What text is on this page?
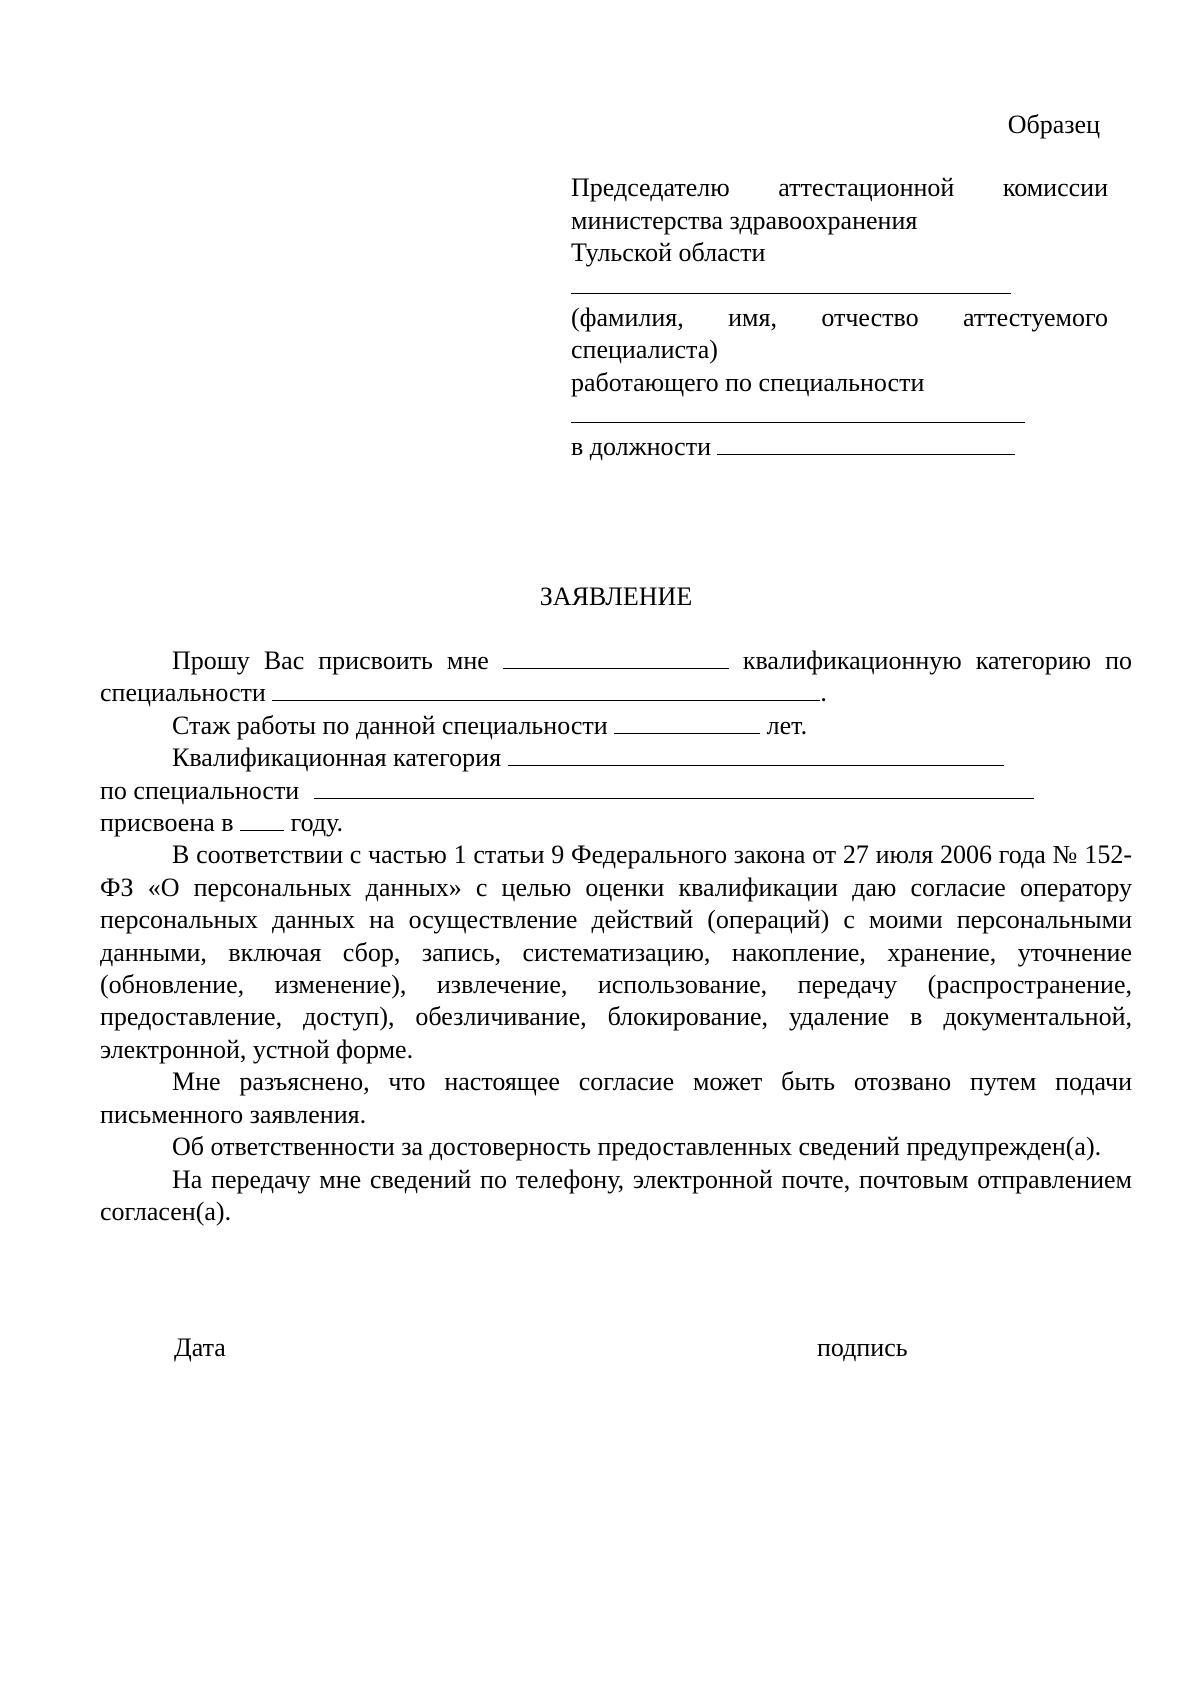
Образец
Председателю аттестационной комиссии
министерства здравоохранения
Тульской области
(фамилия, имя, отчество аттестуемого
специалиста)
работающего по специальности
в должности
ЗАЯВЛЕНИЕ
Прошу Вас присвоить мне	квалификационную категорию по
специальности	.
Стаж работы по данной специальности	лет.
Квалификационная категория
по специальности
присвоена в году.
В соответствии с частью 1 статьи 9 Федерального закона от 27 июля 2006 года № 152-ФЗ «О персональных данных» с целью оценки квалификации даю согласие оператору персональных данных на осуществление действий (операций) с моими персональными данными, включая сбор, запись, систематизацию, накопление, хранение, уточнение (обновление, изменение), извлечение, использование, передачу (распространение, предоставление, доступ), обезличивание, блокирование, удаление в документальной, электронной, устной форме.
Мне разъяснено, что настоящее согласие может быть отозвано путем подачи письменного заявления.
Об ответственности за достоверность предоставленных сведений предупрежден(а).
На передачу мне сведений по телефону, электронной почте, почтовым отправлением согласен(а).
Дата	подпись
